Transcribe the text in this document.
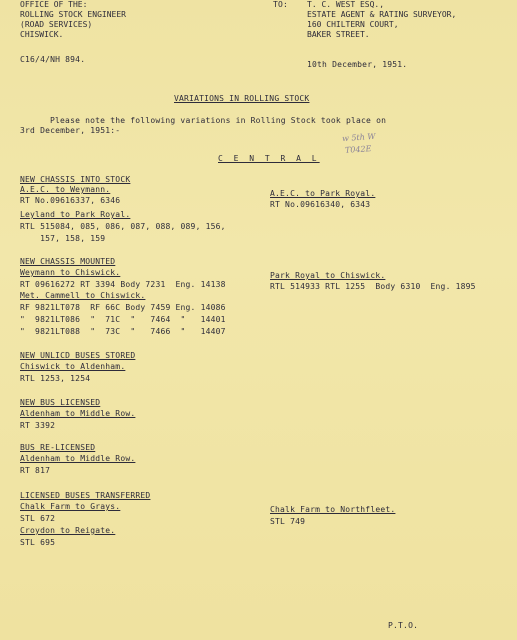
OFFICE OF THE:
ROLLING STOCK ENGINEER
(ROAD SERVICES)
CHISWICK.
TO: T. C. WEST ESQ.,
ESTATE AGENT & RATING SURVEYOR,
160 CHILTERN COURT,
BAKER STREET.
C16/4/NH 894.
10th December, 1951.
VARIATIONS IN ROLLING STOCK
Please note the following variations in Rolling Stock took place on
3rd December, 1951:-
w 5th W
T042E
C E N T R A L
NEW CHASSIS INTO STOCK
A.E.C. to Weymann.
RT No.09616337, 6346
Leyland to Park Royal.
RTL 515084, 085, 086, 087, 088, 089, 156,
157, 158, 159
A.E.C. to Park Royal.
RT No.09616340, 6343
NEW CHASSIS MOUNTED
Weymann to Chiswick.
RT 09616272 RT 3394 Body 7231  Eng. 14138
Met. Cammell to Chiswick.
RF 9821LT078  RF 66C Body 7459 Eng. 14086
"  9821LT086  "  71C  "   7464  "   14401
"  9821LT088  "  73C  "   7466  "   14407
Park Royal to Chiswick.
RTL 514933 RTL 1255  Body 6310  Eng. 1895
NEW UNLICD BUSES STORED
Chiswick to Aldenham.
RTL 1253, 1254
NEW BUS LICENSED
Aldenham to Middle Row.
RT 3392
BUS RE-LICENSED
Aldenham to Middle Row.
RT 817
LICENSED BUSES TRANSFERRED
Chalk Farm to Grays.
STL 672
Croydon to Reigate.
STL 695
Chalk Farm to Northfleet.
STL 749
P.T.O.
